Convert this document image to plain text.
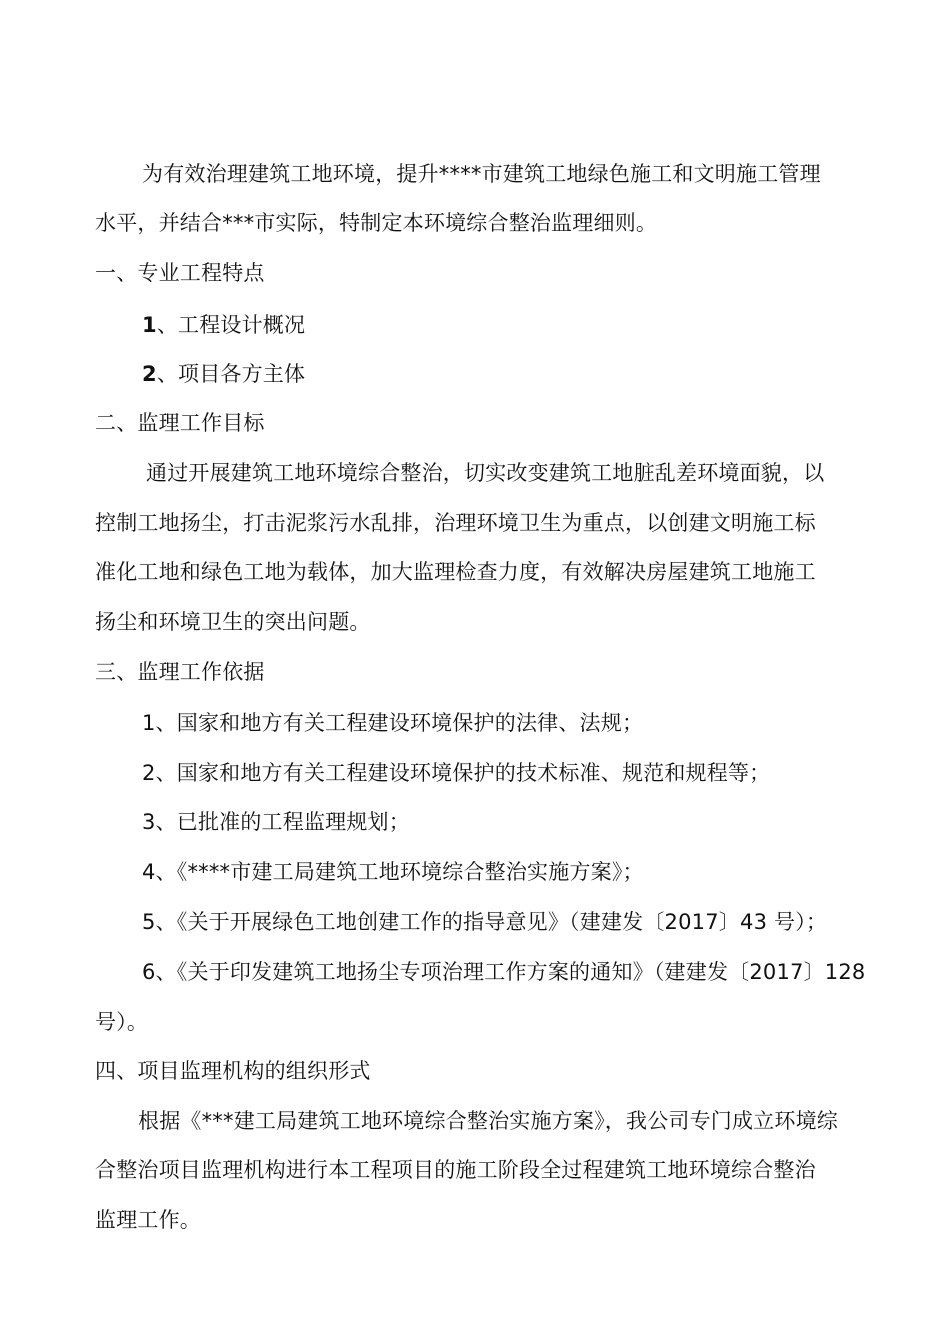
为有效治理建筑工地环境，提升****市建筑工地绿色施工和文明施工管理
水平，并结合***市实际，特制定本环境综合整治监理细则。
一、专业工程特点
1、工程设计概况
2、项目各方主体
二、监理工作目标
通过开展建筑工地环境综合整治，切实改变建筑工地脏乱差环境面貌，以
控制工地扬尘，打击泥浆污水乱排，治理环境卫生为重点，以创建文明施工标
准化工地和绿色工地为载体，加大监理检查力度，有效解决房屋建筑工地施工
扬尘和环境卫生的突出问题。
三、监理工作依据
1、国家和地方有关工程建设环境保护的法律、法规；
2、国家和地方有关工程建设环境保护的技术标准、规范和规程等；
3、已批准的工程监理规划；
4、《****市建工局建筑工地环境综合整治实施方案》；
5、《关于开展绿色工地创建工作的指导意见》（建建发〔2017〕43 号）；
6、《关于印发建筑工地扬尘专项治理工作方案的通知》（建建发〔2017〕128
号）。
四、项目监理机构的组织形式
根据《***建工局建筑工地环境综合整治实施方案》，我公司专门成立环境综
合整治项目监理机构进行本工程项目的施工阶段全过程建筑工地环境综合整治
监理工作。
